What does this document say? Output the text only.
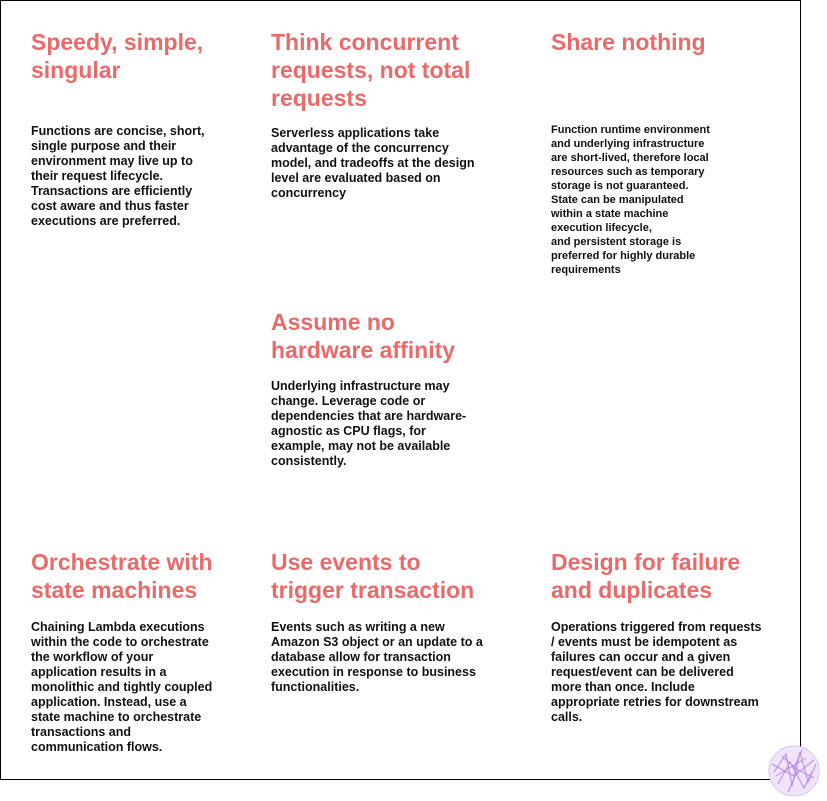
Speedy, simple,
singular

Functions are concise, short,
single purpose and their
environment may live up to
their request lifecycle.
Transactions are efficiently
cost aware and thus faster
executions are preferred.

Think concurrent
requests, not total
requests

Serverless applications take
advantage of the concurrency
model, and tradeoffs at the design
level are evaluated based on
concurrency

Share nothing

Function runtime environment
and underlying infrastructure
are short-lived, therefore local
resources such as temporary
storage is not guaranteed.
State can be manipulated
within a state machine
execution lifecycle,
and persistent storage is
preferred for highly durable
requirements

Assume no
hardware affinity

Underlying infrastructure may
change. Leverage code or
dependencies that are hardware-
agnostic as CPU flags, for
example, may not be available
consistently.

Orchestrate with
state machines

Chaining Lambda executions
within the code to orchestrate
the workflow of your
application results in a
monolithic and tightly coupled
application. Instead, use a
state machine to orchestrate
transactions and
communication flows.

Use events to
trigger transaction

Events such as writing a new
Amazon S3 object or an update to a
database allow for transaction
execution in response to business
functionalities.

Design for failure
and duplicates

Operations triggered from requests
/ events must be idempotent as
failures can occur and a given
request/event can be delivered
more than once. Include
appropriate retries for downstream
calls.
